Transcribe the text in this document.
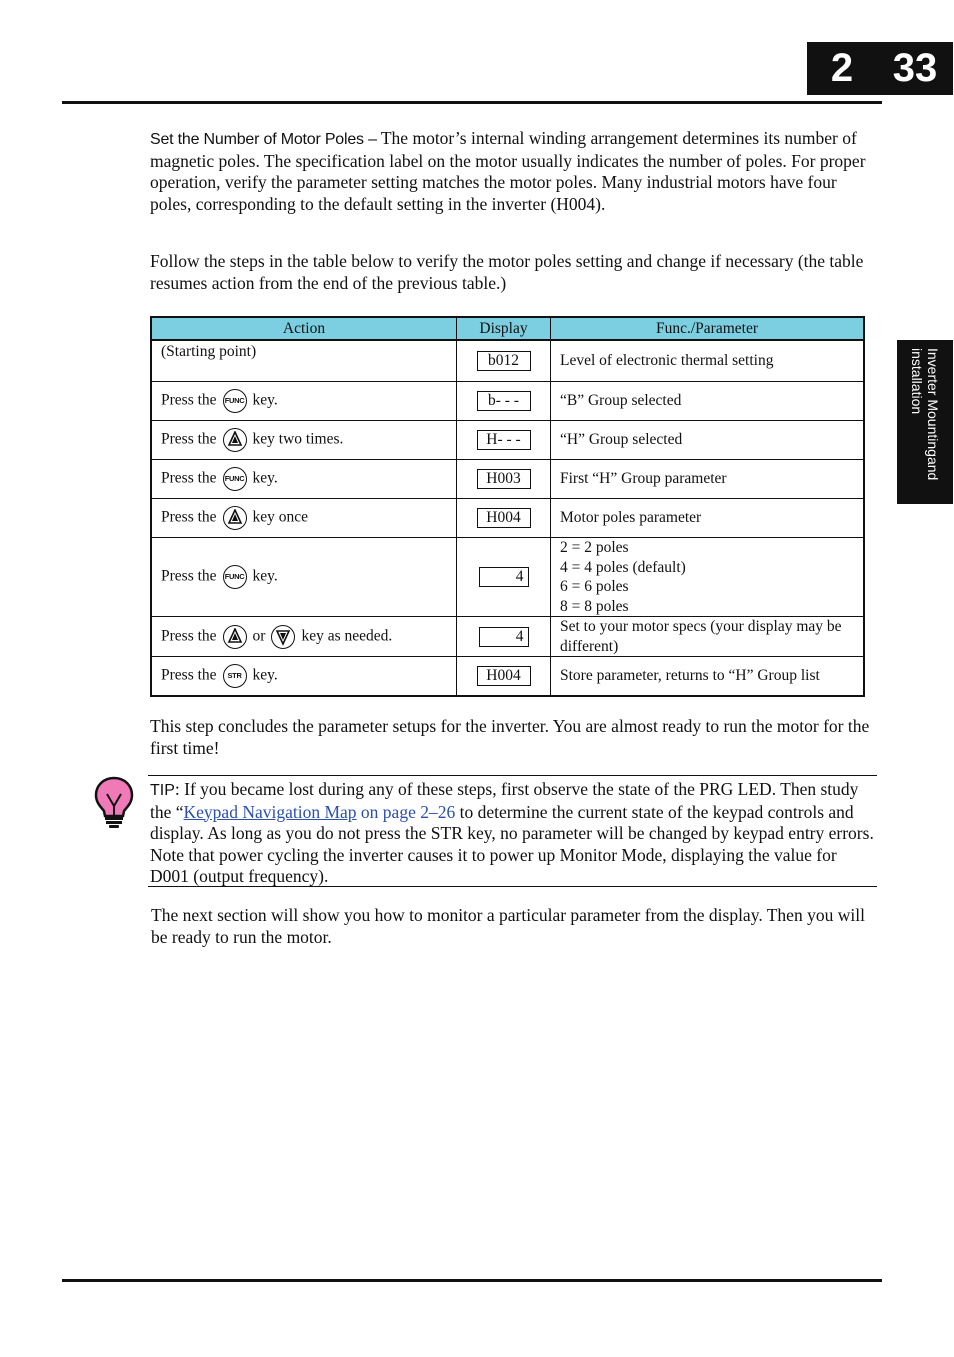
2 33
Inverter Mountingand installation

Set the Number of Motor Poles – The motor’s internal winding arrangement determines its number of magnetic poles. The specification label on the motor usually indicates the number of poles. For proper operation, verify the parameter setting matches the motor poles. Many industrial motors have four poles, corresponding to the default setting in the inverter (H004).

Follow the steps in the table below to verify the motor poles setting and change if necessary (the table resumes action from the end of the previous table.)

Action	Display	Func./Parameter
(Starting point)	b012	Level of electronic thermal setting
Press the FUNC key.	b- - -	“B” Group selected
Press the key two times.	H- - -	“H” Group selected
Press the FUNC key.	H003	First “H” Group parameter
Press the key once	H004	Motor poles parameter
Press the FUNC key.	4	2 = 2 poles
4 = 4 poles (default)
6 = 6 poles
8 = 8 poles

Press the or key as needed.	4	Set to your motor specs (your display may be different)
Press the STR key.	H004	Store parameter, returns to “H” Group list

This step concludes the parameter setups for the inverter. You are almost ready to run the motor for the first time!

TIP: If you became lost during any of these steps, first observe the state of the PRG LED. Then study the “Keypad Navigation Map on page 2–26 to determine the current state of the keypad controls and display. As long as you do not press the STR key, no parameter will be changed by keypad entry errors. Note that power cycling the inverter causes it to power up Monitor Mode, displaying the value for D001 (output frequency).

The next section will show you how to monitor a particular parameter from the display. Then you will be ready to run the motor.
